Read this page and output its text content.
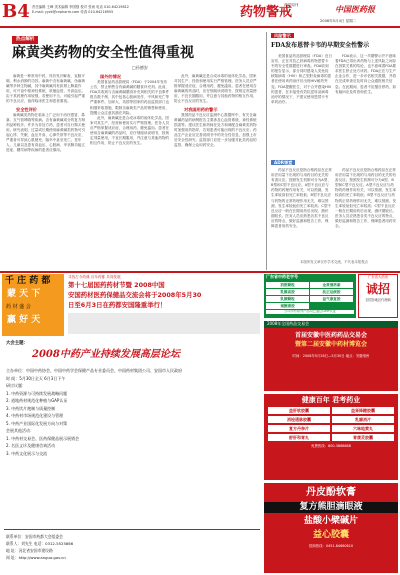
B4 责任编辑 王峰 美术编辑 李国强 校对 张雨 电话 010-64219812
E-mail: yyzk@cnpharm.com 传真 010-64216955	药物警戒
药学周刊	中国医药报
2008年5月4日 星期二
热点解析
麻黄类药物的安全性值得重视
□孙德安

麻黄是一种常用中药，具有发汗解表、宣肺平喘、利水消肿的功效。麻黄中含有麻黄碱、伪麻黄碱等多种生物碱，其中麻黄碱具有拟肾上腺素作用，可兴奋中枢神经系统，收缩血管，升高血压。由于其药理作用较强，若使用不当，可能引起严重的不良反应，值得临床医生和患者重视。

安全性评价

麻黄碱类药物在临床上广泛用于治疗感冒、鼻塞、支气管哮喘等疾病。含有麻黄碱成分的复方制剂品种较多，许多为非处方药，患者可自行购买使用。研究表明，过量或长期使用麻黄碱类药物可引起心悸、失眠、血压升高、心律失常等不良反应，严重者可导致心肌梗死、脑卒中甚至死亡。老年人、儿童以及患有高血压、心脏病、甲状腺功能亢进症、糖尿病等疾病的患者应慎用。

国外的情况

美国食品药品管理局（FDA）于2004年发布公告，禁止销售含有麻黄碱的膳食补充剂。此前，FDA共收到与含麻黄碱膳食补充剂相关的不良事件报告数千例，其中包括心脏病发作、中风和死亡等严重事件。加拿大、英国等国家的药品监管部门也相继采取措施，限制含麻黄类产品的销售和使用，提醒公众注意其潜在风险。

此外，麻黄碱还是合成冰毒的前体化学品，国家对其生产、经营和使用实行严格管理。医务人员应严格掌握适应症，合理用药，避免滥用。患者在使用含麻黄碱的药品时，应仔细阅读说明书，按规定剂量使用，不宜长期服用，并注意与其他药物的相互作用，防止不良反应的发生。

此外，麻黄碱还是合成冰毒的前体化学品，国家对其生产、经营和使用实行严格管理。医务人员应严格掌握适应症，合理用药，避免滥用。患者在使用含麻黄碱的药品时，应仔细阅读说明书，按规定剂量使用，不宜长期服用，并注意与其他药物的相互作用，防止不良反应的发生。

对我国用药的警示

我国药品不良反应监测中心数据库中，有关含麻黄碱药品的病例报告主要涉及心血管系统、神经系统损害等。建议医生和药师在处方和调配含麻黄类药物时加强用药指导，告知患者可能出现的不良反应；药品生产企业应完善说明书中的安全性信息，加强上市后安全性研究；监管部门应进一步加强对此类药品的监管，确保公众用药安全。

风险警示
FDA发布恩替卡韦的早期安全性警示

美国食品药品管理局（FDA）近日宣布，正在对抗乙肝病毒药物恩替卡韦的安全性数据进行审查。FDA收到的报告显示，部分同时感染人类免疫缺陷病毒（HIV）和乙型肝炎病毒的患者在使用该药治疗后出现HIV耐药突变。FDA提醒医生，对于合并感染HIV的患者，在未接受有效抗逆转录病毒治疗的情况下，不建议使用恩替卡韦单药治疗。

FDA表示，这一早期警示并不意味着FDA已得出该药物与上述风险之间存在因果关系的结论，也不意味着FDA要求医生停止处方该药。FDA正在与生产企业合作，进一步评估相关数据，并将在完成审查后及时向公众通报相关信息。在此期间，患者不应擅自停药，如有疑问应及时咨询医生。

ADR课堂

药品不良反应是指合格药品在正常用法用量下出现的与用药目的无关的有害反应。按照发生机制可分为A型、B型和C型不良反应。A型不良反应与药物的药理作用有关，可以预测，发生率较高但死亡率较低；B型不良反应与药物的正常药理作用无关，难以预测，发生率较低但死亡率较高；C型不良反应一般在长期用药后出现，潜伏期较长。医务人员应熟悉各类不良反应的特点，做好监测和报告工作，保障患者用药安全。

药品不良反应是指合格药品在正常用法用量下出现的与用药目的无关的有害反应。按照发生机制可分为A型、B型和C型不良反应。A型不良反应与药物的药理作用有关，可以预测，发生率较高但死亡率较低；B型不良反应与药物的正常药理作用无关，难以预测，发生率较低但死亡率较高；C型不良反应一般在长期用药后出现，潜伏期较长。医务人员应熟悉各类不良反应的特点，做好监测和报告工作，保障患者用药安全。

本版所发文章仅作学术交流，不代表本报观点
千 庄 药 都
蒙 天 下
药 材 盛 会
赢 好 天
寻找古今药典 百年药都 共同发展
第十七届国药药材节暨 2008中国
安国药材医药保健品交流会将于2008年5月30
日至6月3日在药都安国隆重举行！
大会主题：
2008中药产业持续发展高层论坛
主办单位：中国中药协会、中国中药学会保健产品专业委员会、中国药材集团公司、安国市人民政府
时 间：5月30日全天 6月3日下午
研讨议题：
1. 中药资源与可持续发展战略问题
2. 道地药材规范化种植与GAP认证
3. 中药饮片炮制与质量控制
4. 中药材市场规范化建设与管理
5. 中药产业国际化发展方向与对策
会展其他活动：
1. 中药材交易会、医药保健品展示展销会
2. 名医义诊及健康咨询活动
3. 中药文化展示与交流
联系单位：安国市药都大会组委会
联系人：刘先生 电话：0312-5525866
地 址：河北省安国市建设路
网 址：http://www.anguo.gov.cn
广东省中药老字号
消银颗粒	金黄清洛素
乳腺高胶	扶正祛瘀胶
乳腺颗粒	益气康复胶
颈腰康胶
公司所有系列产品均已通过GMP认证
广东省大药房
诚招
全国各地区代理商
2008年全国药品交易会
首届安徽中医药药品交易会
暨第二届安徽中药材博览会
时间：2008年5月28日—5月30日 地点：安徽亳州
健康百年 君考药业
益肝软胶囊	益肾降糖胶囊
消栓通脉胶囊	乳癖消片
复方丹参片	六味地黄丸
舒肝和胃丸	胃康灵胶囊
免费热线：800-3868688
丹皮酚软膏
复方熊胆滴眼液
盐酸小檗碱片
益心胶囊
招商热线：0451-84660610
